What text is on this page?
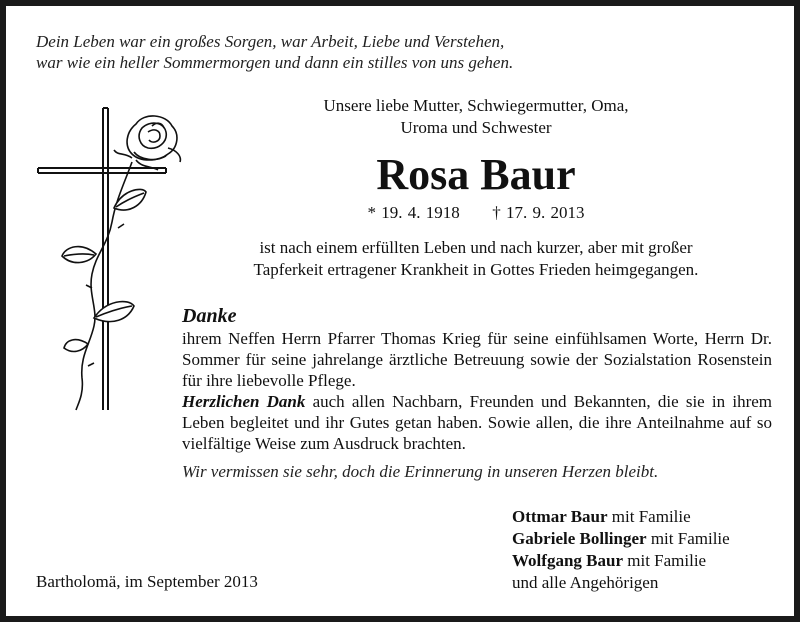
Dein Leben war ein großes Sorgen, war Arbeit, Liebe und Verstehen,
war wie ein heller Sommermorgen und dann ein stilles von uns gehen.
Unsere liebe Mutter, Schwiegermutter, Oma,
Uroma und Schwester
Rosa Baur
* 19. 4. 1918 † 17. 9. 2013
ist nach einem erfüllten Leben und nach kurzer, aber mit großer
Tapferkeit ertragener Krankheit in Gottes Frieden heimgegangen.
Danke
ihrem Neffen Herrn Pfarrer Thomas Krieg für seine einfühlsamen Worte, Herrn Dr. Sommer für seine jahrelange ärztliche Betreuung sowie der Sozialstation Rosenstein für ihre liebevolle Pflege.
Herzlichen Dank auch allen Nachbarn, Freunden und Bekannten, die sie in ihrem Leben begleitet und ihr Gutes getan haben. Sowie allen, die ihre Anteilnahme auf so vielfältige Weise zum Ausdruck brachten.
Wir vermissen sie sehr, doch die Erinnerung in unseren Herzen bleibt.
Ottmar Baur mit Familie
Gabriele Bollinger mit Familie
Wolfgang Baur mit Familie
und alle Angehörigen
Bartholomä, im September 2013
